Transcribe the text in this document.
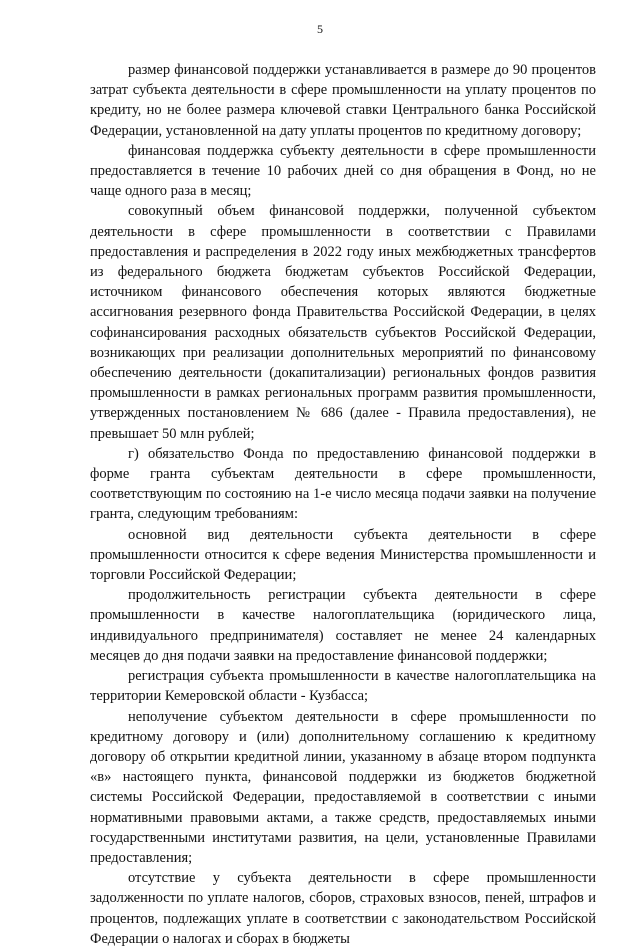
5

размер финансовой поддержки устанавливается в размере до 90 процентов затрат субъекта деятельности в сфере промышленности на уплату процентов по кредиту, но не более размера ключевой ставки Центрального банка Российской Федерации, установленной на дату уплаты процентов по кредитному договору;

финансовая поддержка субъекту деятельности в сфере промышленности предоставляется в течение 10 рабочих дней со дня обращения в Фонд, но не чаще одного раза в месяц;

совокупный объем финансовой поддержки, полученной субъектом деятельности в сфере промышленности в соответствии с Правилами предоставления и распределения в 2022 году иных межбюджетных трансфертов из федерального бюджета бюджетам субъектов Российской Федерации, источником финансового обеспечения которых являются бюджетные ассигнования резервного фонда Правительства Российской Федерации, в целях софинансирования расходных обязательств субъектов Российской Федерации, возникающих при реализации дополнительных мероприятий по финансовому обеспечению деятельности (докапитализации) региональных фондов развития промышленности в рамках региональных программ развития промышленности, утвержденных постановлением № 686 (далее - Правила предоставления), не превышает 50 млн рублей;

г) обязательство Фонда по предоставлению финансовой поддержки в форме гранта субъектам деятельности в сфере промышленности, соответствующим по состоянию на 1-е число месяца подачи заявки на получение гранта, следующим требованиям:

основной вид деятельности субъекта деятельности в сфере промышленности относится к сфере ведения Министерства промышленности и торговли Российской Федерации;

продолжительность регистрации субъекта деятельности в сфере промышленности в качестве налогоплательщика (юридического лица, индивидуального предпринимателя) составляет не менее 24 календарных месяцев до дня подачи заявки на предоставление финансовой поддержки;

регистрация субъекта промышленности в качестве налогоплательщика на территории Кемеровской области - Кузбасса;

неполучение субъектом деятельности в сфере промышленности по кредитному договору и (или) дополнительному соглашению к кредитному договору об открытии кредитной линии, указанному в абзаце втором подпункта «в» настоящего пункта, финансовой поддержки из бюджетов бюджетной системы Российской Федерации, предоставляемой в соответствии с иными нормативными правовыми актами, а также средств, предоставляемых иными государственными институтами развития, на цели, установленные Правилами предоставления;

отсутствие у субъекта деятельности в сфере промышленности задолженности по уплате налогов, сборов, страховых взносов, пеней, штрафов и процентов, подлежащих уплате в соответствии с законодательством Российской Федерации о налогах и сборах в бюджеты
